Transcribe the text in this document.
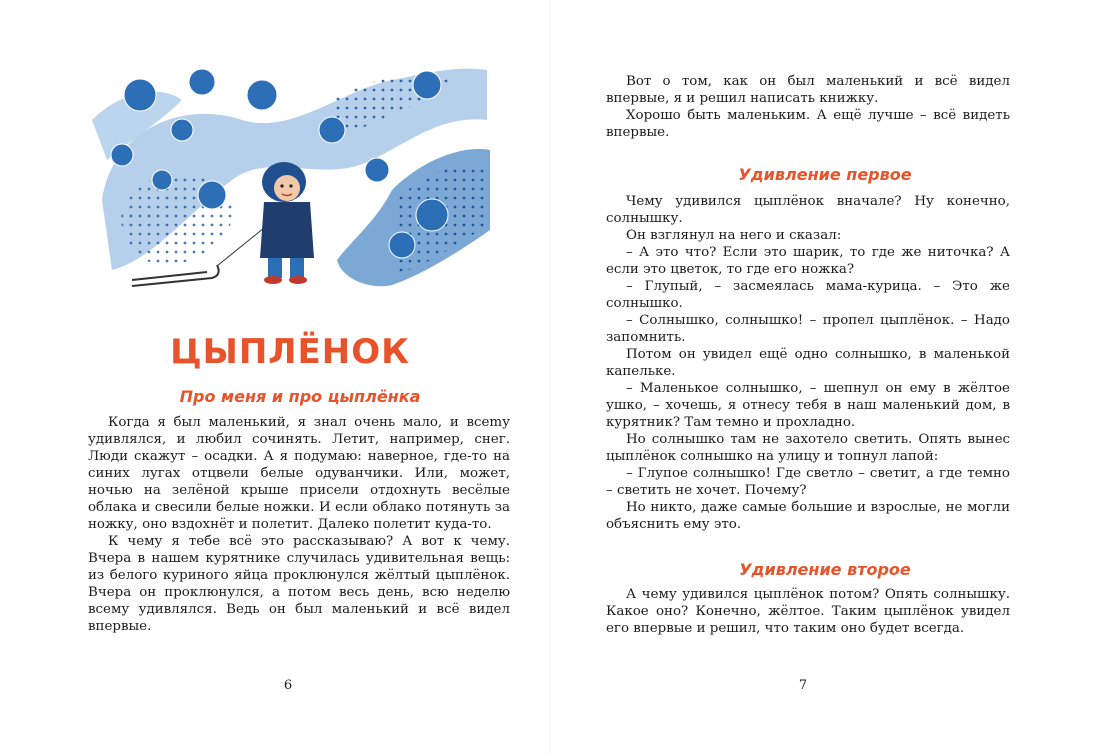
ЦЫПЛЁНОК
Про меня и про цыплёнка

Когда я был маленький, я знал очень мало, и всеmу удивлялся, и любил сочинять. Летит, например, снег. Люди скажут – осадки. А я подумаю: наверное, где-то на синих лугах отцвели белые одуванчики. Или, может, ночью на зелёной крыше присели отдохнуть весёлые облака и свесили белые ножки. И если облако потянуть за ножку, оно вздохнёт и полетит. Далеко полетит куда-то.

К чему я тебе всё это рассказываю? А вот к чему. Вчера в нашем курятнике случилась удивительная вещь: из белого куриного яйца проклюнулся жёлтый цыплёнок. Вчера он проклюнулся, а потом весь день, всю неделю всему удивлялся. Ведь он был маленький и всё видел впервые.

6

Вот о том, как он был маленький и всё видел впервые, я и решил написать книжку.

Хорошо быть маленьким. А ещё лучше – всё видеть впервые.

Удивление первое

Чему удивился цыплёнок вначале? Ну конечно, солнышку.

Он взглянул на него и сказал:

– А это что? Если это шарик, то где же ниточка? А если это цветок, то где его ножка?

– Глупый, – засмеялась мама-курица. – Это же солнышко.

– Солнышко, солнышко! – пропел цыплёнок. – Надо запомнить.

Потом он увидел ещё одно солнышко, в маленькой капельке.

– Маленькое солнышко, – шепнул он ему в жёлтое ушко, – хочешь, я отнесу тебя в наш маленький дом, в курятник? Там темно и прохладно.

Но солнышко там не захотело светить. Опять вынес цыплёнок солнышко на улицу и топнул лапой:

– Глупое солнышко! Где светло – светит, а где темно – светить не хочет. Почему?

Но никто, даже самые большие и взрослые, не могли объяснить ему это.

Удивление второе

А чему удивился цыплёнок потом? Опять солнышку. Какое оно? Конечно, жёлтое. Таким цыплёнок увидел его впервые и решил, что таким оно будет всегда.

7
